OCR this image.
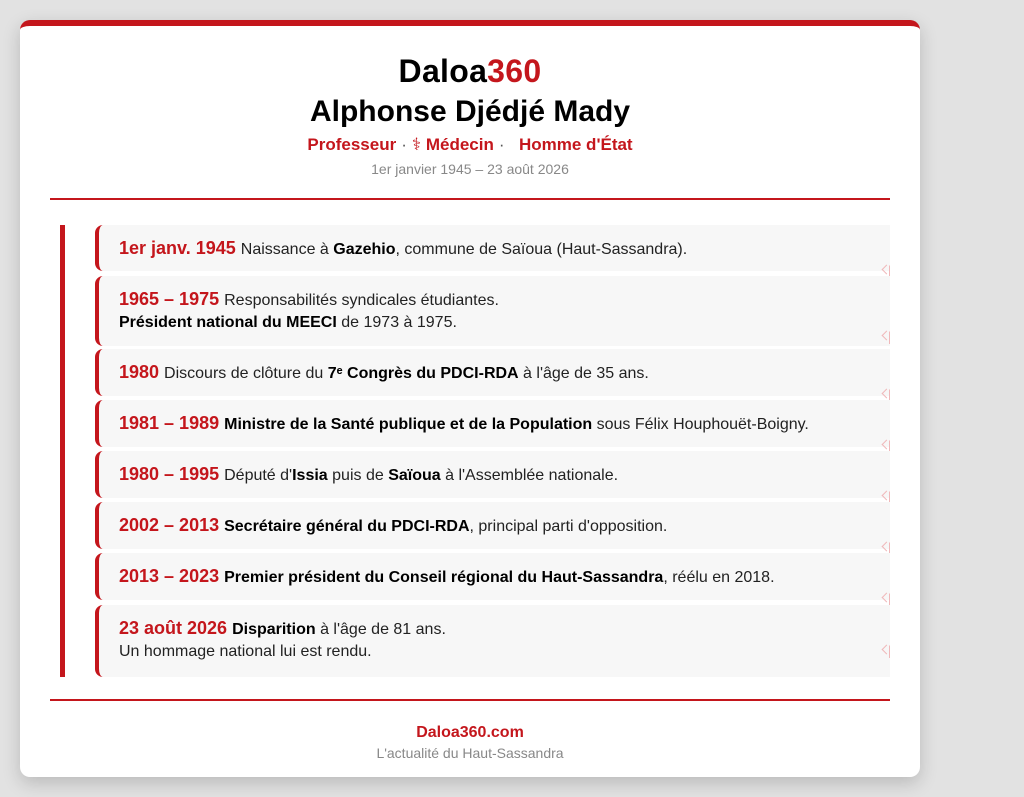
Daloa360
Alphonse Djédjé Mady
Professeur · ⚕ Médecin · Homme d'État
1er janvier 1945 – 23 août 2026
1er janv. 1945 Naissance à Gazehio, commune de Saïoua (Haut-Sassandra).
1965 – 1975 Responsabilités syndicales étudiantes.
Président national du MEECI de 1973 à 1975.
1980 Discours de clôture du 7ᵉ Congrès du PDCI-RDA à l'âge de 35 ans.
1981 – 1989 Ministre de la Santé publique et de la Population sous Félix Houphouët-Boigny.
1980 – 1995 Député d'Issia puis de Saïoua à l'Assemblée nationale.
2002 – 2013 Secrétaire général du PDCI-RDA, principal parti d'opposition.
2013 – 2023 Premier président du Conseil régional du Haut-Sassandra, réélu en 2018.
23 août 2026 Disparition à l'âge de 81 ans.
Un hommage national lui est rendu.
Daloa360.com
L'actualité du Haut-Sassandra
